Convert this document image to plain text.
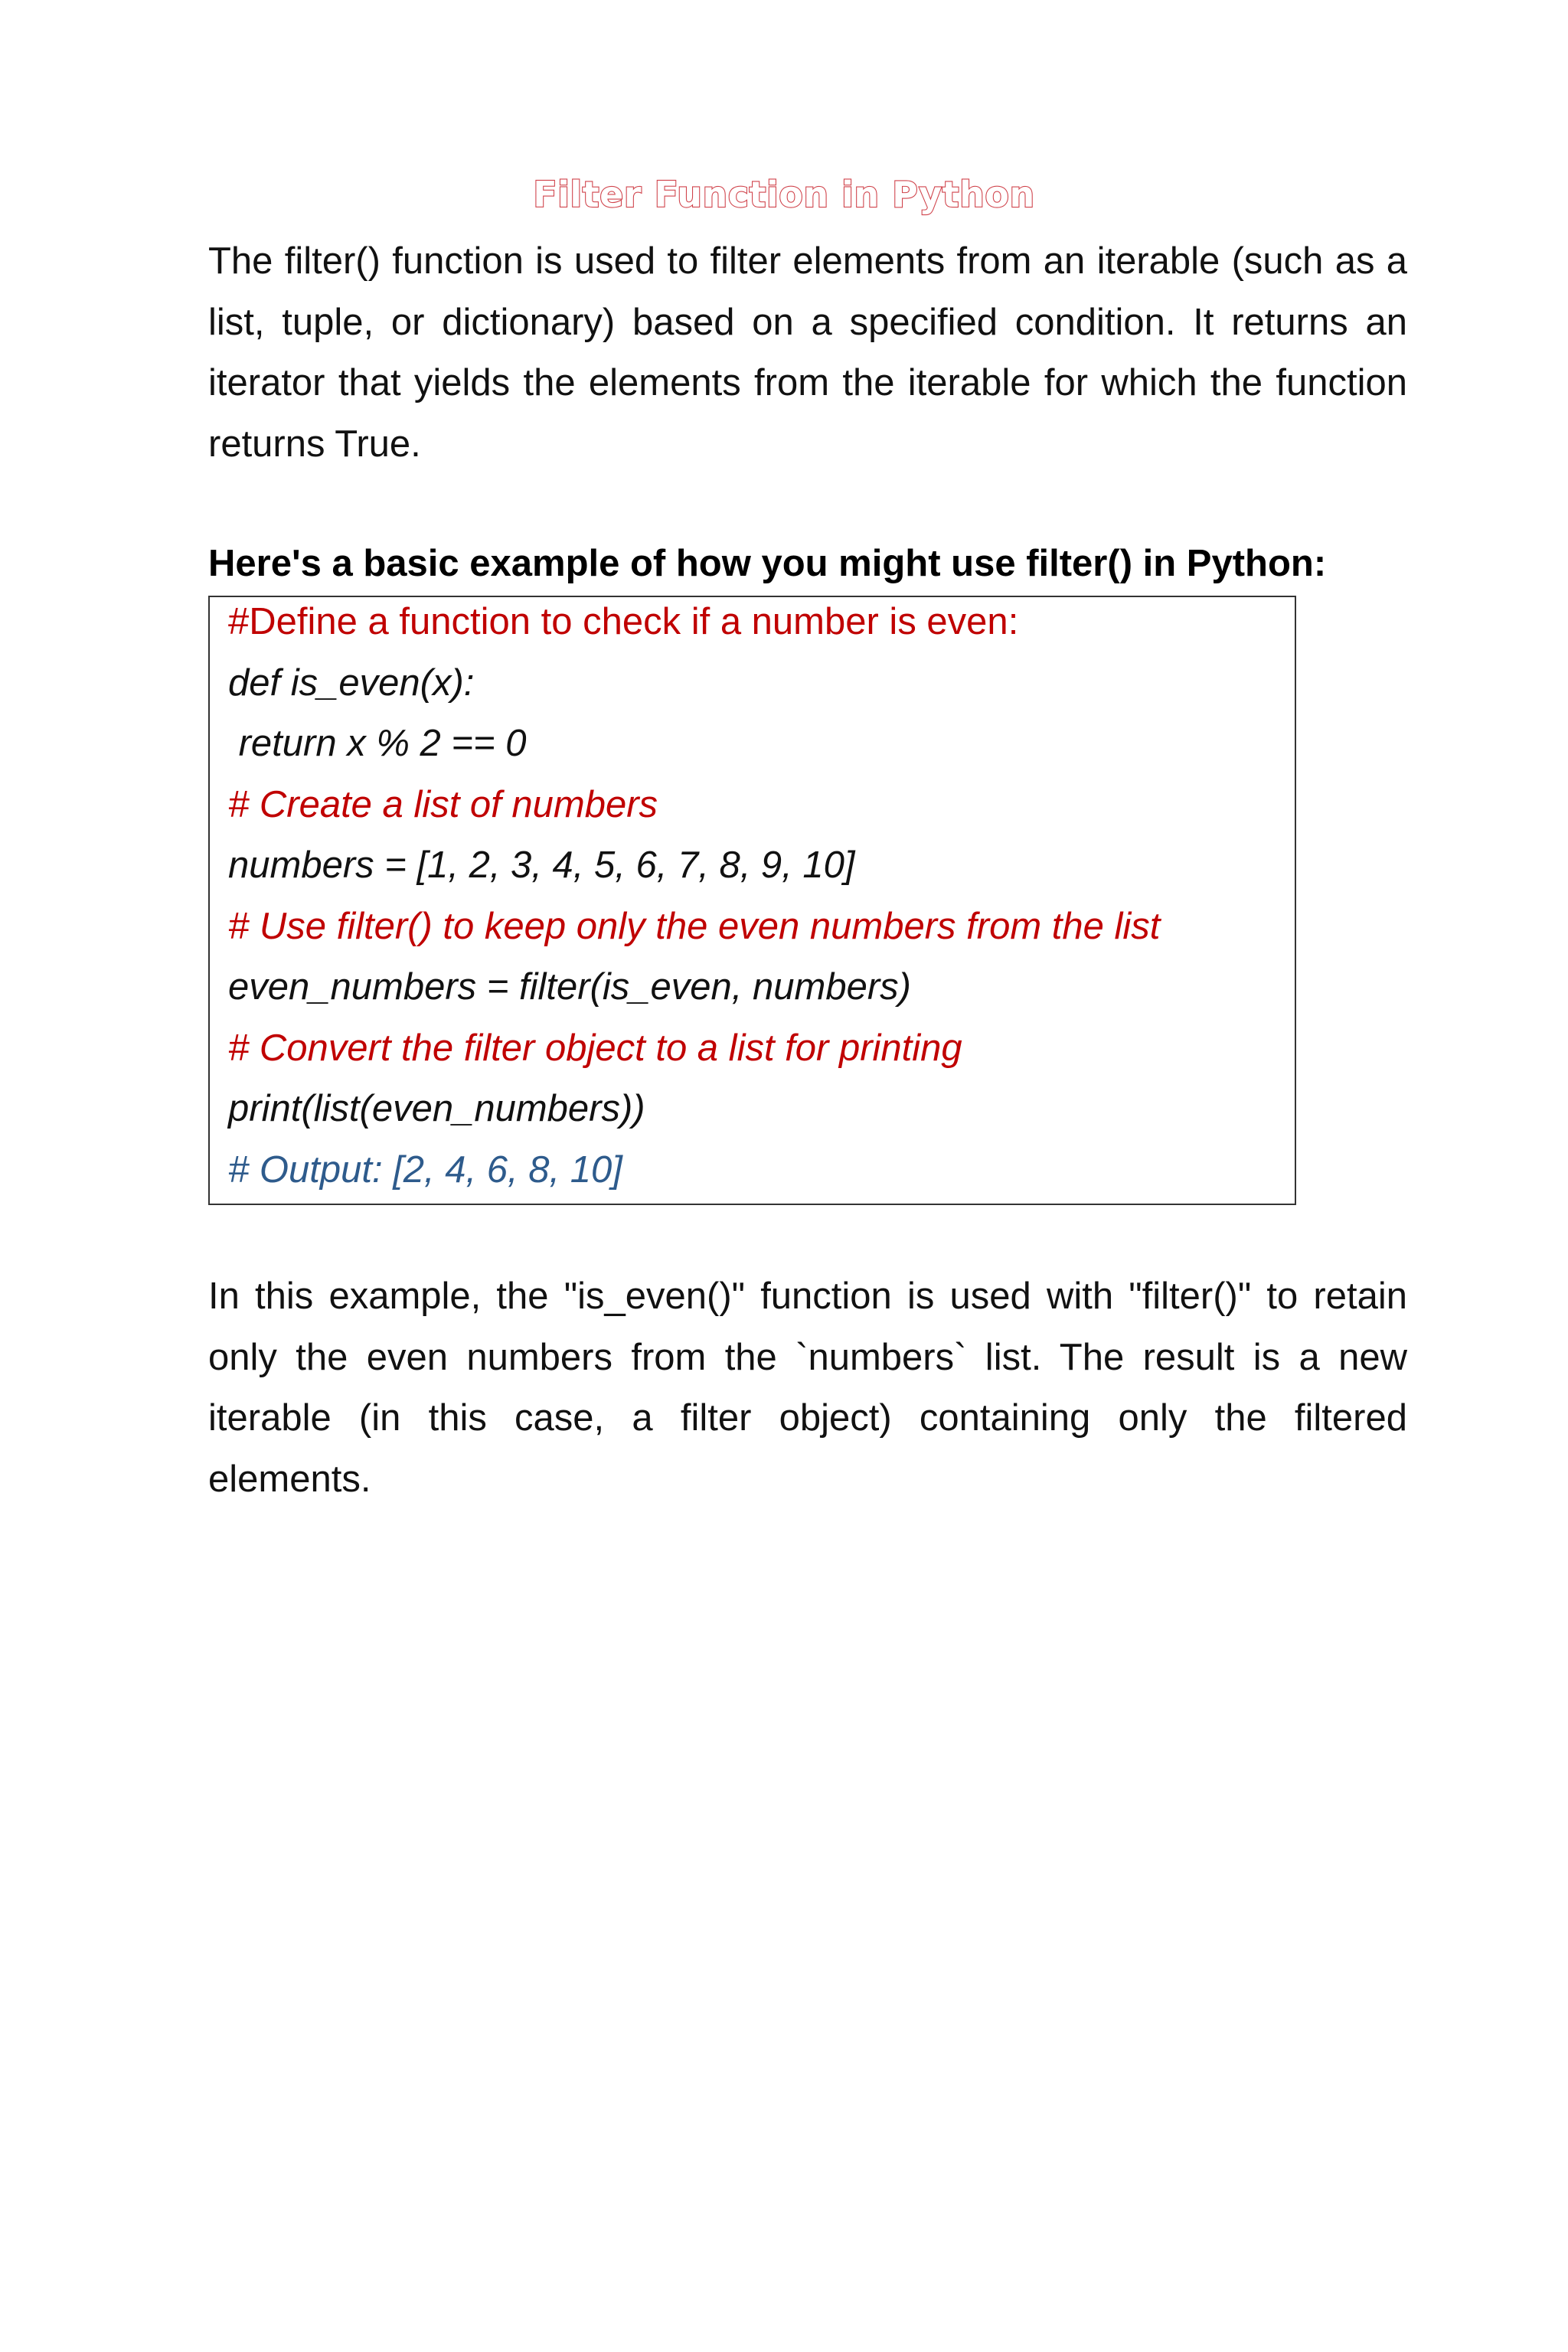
Filter Function in Python

The filter() function is used to filter elements from an iterable (such as a list, tuple, or dictionary) based on a specified condition. It returns an iterator that yields the elements from the iterable for which the function returns True.

Here's a basic example of how you might use filter() in Python:

#Define a function to check if a number is even:
def is_even(x):
return x % 2 == 0
# Create a list of numbers
numbers = [1, 2, 3, 4, 5, 6, 7, 8, 9, 10]
# Use filter() to keep only the even numbers from the list
even_numbers = filter(is_even, numbers)
# Convert the filter object to a list for printing
print(list(even_numbers))
# Output: [2, 4, 6, 8, 10]

In this example, the "is_even()" function is used with "filter()" to retain only the even numbers from the `numbers` list. The result is a new iterable (in this case, a filter object) containing only the filtered elements.
